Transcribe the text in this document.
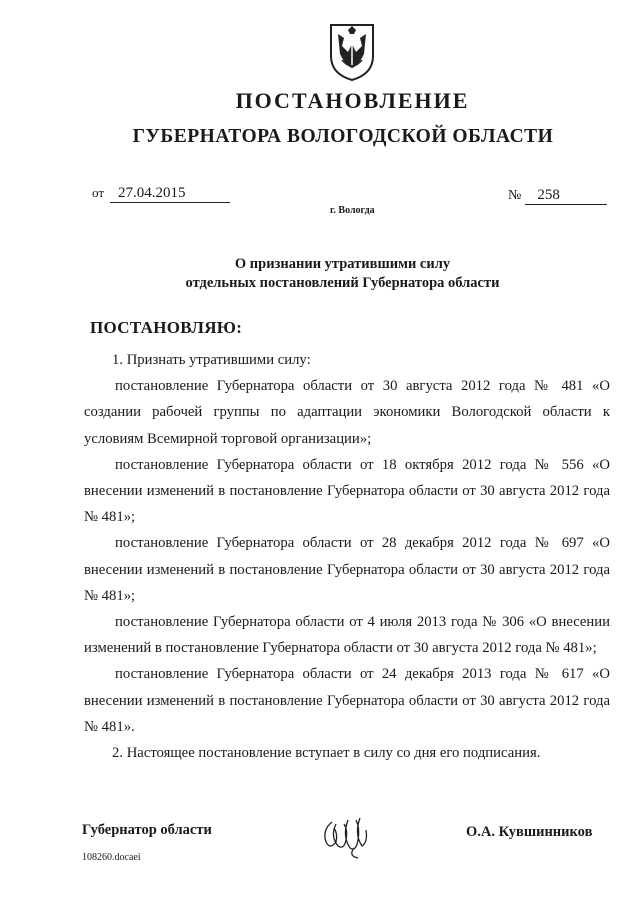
ПОСТАНОВЛЕНИЕ
ГУБЕРНАТОРА ВОЛОГОДСКОЙ ОБЛАСТИ
от 27.04.2015	№ 258
г. Вологда
О признании утратившими силу
отдельных постановлений Губернатора области
ПОСТАНОВЛЯЮ:

1. Признать утратившими силу:

постановление Губернатора области от 30 августа 2012 года № 481 «О создании рабочей группы по адаптации экономики Вологодской области к условиям Всемирной торговой организации»;

постановление Губернатора области от 18 октября 2012 года № 556 «О внесении изменений в постановление Губернатора области от 30 августа 2012 года № 481»;

постановление Губернатора области от 28 декабря 2012 года № 697 «О внесении изменений в постановление Губернатора области от 30 августа 2012 года № 481»;

постановление Губернатора области от 4 июля 2013 года № 306 «О внесении изменений в постановление Губернатора области от 30 августа 2012 года № 481»;

постановление Губернатора области от 24 декабря 2013 года № 617 «О внесении изменений в постановление Губернатора области от 30 августа 2012 года № 481».

2. Настоящее постановление вступает в силу со дня его подписания.

Губернатор области	О.А. Кувшинников
108260.docaei
